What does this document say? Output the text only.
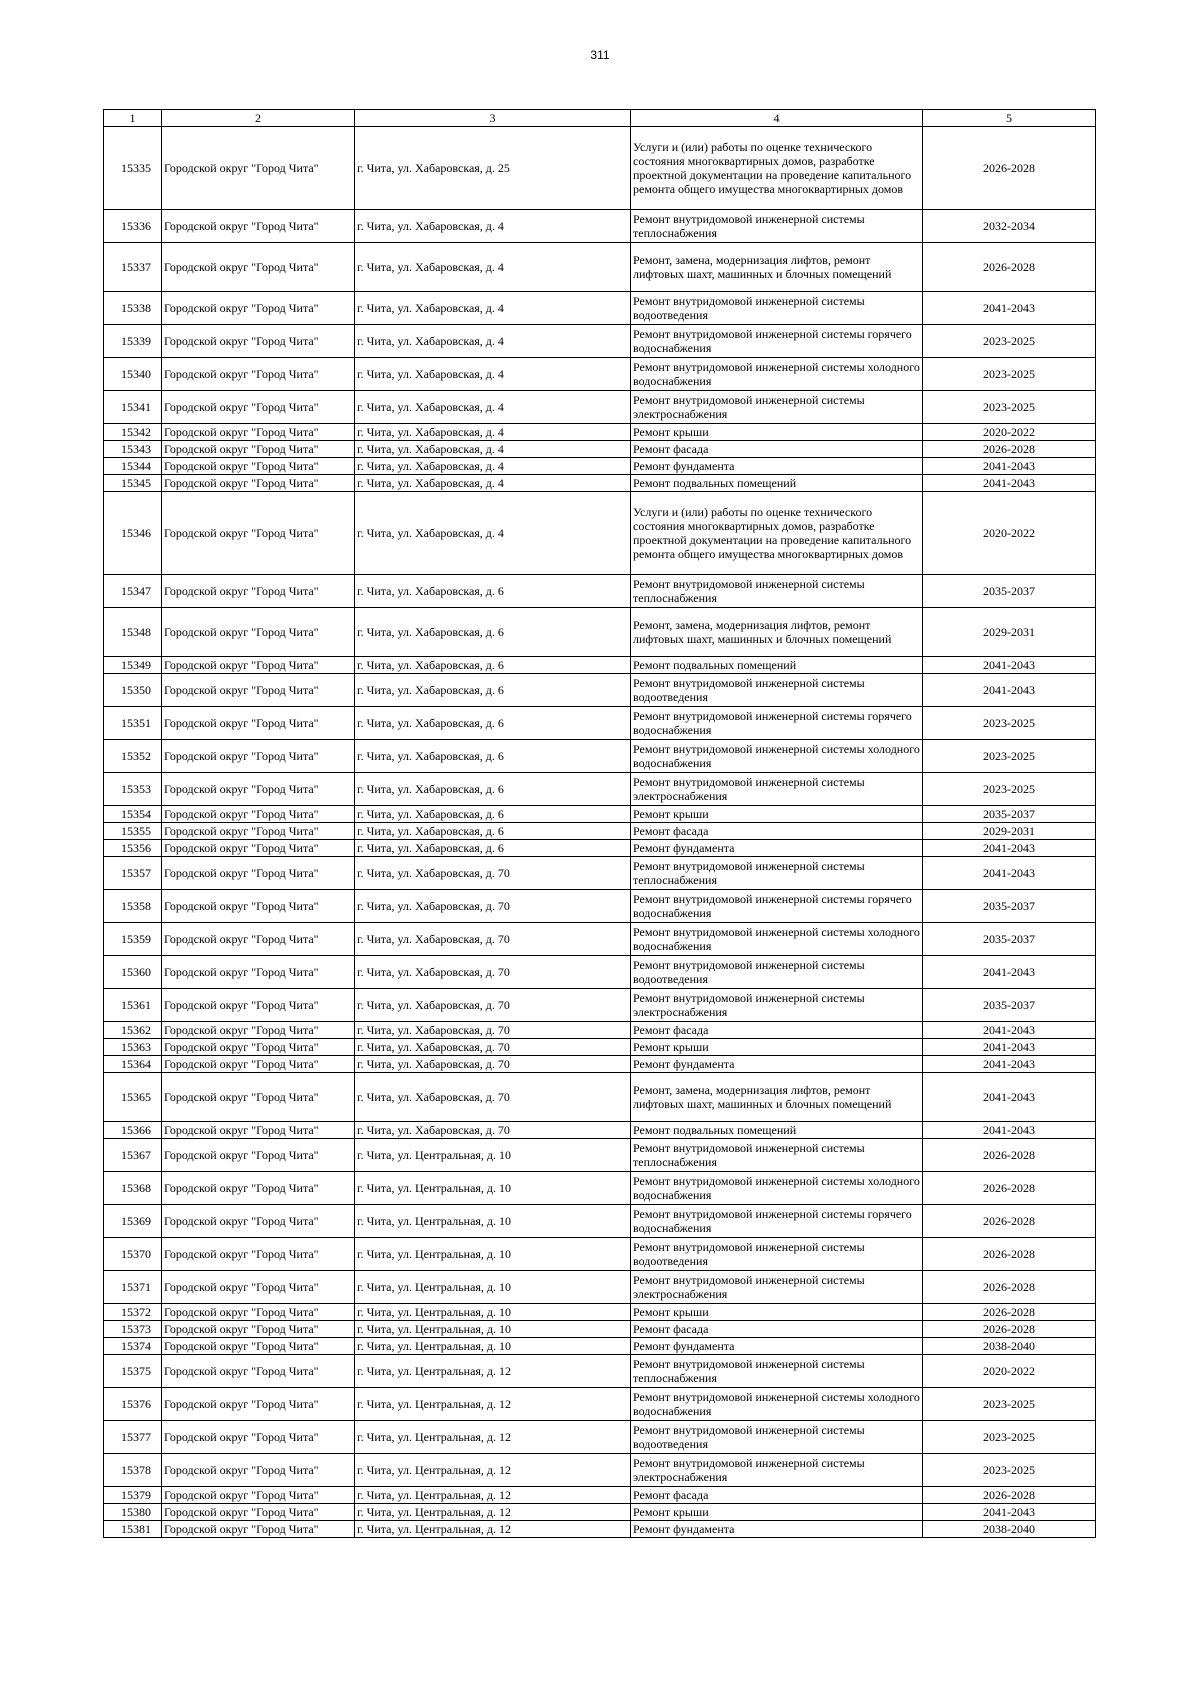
311
1	2	3	4	5
15335	Городской округ "Город Чита"	г. Чита, ул. Хабаровская, д. 25	Услуги и (или) работы по оценке технического состояния многоквартирных домов, разработке проектной документации на проведение капитального ремонта общего имущества многоквартирных домов	2026-2028
15336	Городской округ "Город Чита"	г. Чита, ул. Хабаровская, д. 4	Ремонт внутридомовой инженерной системы теплоснабжения	2032-2034
15337	Городской округ "Город Чита"	г. Чита, ул. Хабаровская, д. 4	Ремонт, замена, модернизация лифтов, ремонт лифтовых шахт, машинных и блочных помещений	2026-2028
15338	Городской округ "Город Чита"	г. Чита, ул. Хабаровская, д. 4	Ремонт внутридомовой инженерной системы водоотведения	2041-2043
15339	Городской округ "Город Чита"	г. Чита, ул. Хабаровская, д. 4	Ремонт внутридомовой инженерной системы горячего водоснабжения	2023-2025
15340	Городской округ "Город Чита"	г. Чита, ул. Хабаровская, д. 4	Ремонт внутридомовой инженерной системы холодного водоснабжения	2023-2025
15341	Городской округ "Город Чита"	г. Чита, ул. Хабаровская, д. 4	Ремонт внутридомовой инженерной системы электроснабжения	2023-2025
15342	Городской округ "Город Чита"	г. Чита, ул. Хабаровская, д. 4	Ремонт крыши	2020-2022
15343	Городской округ "Город Чита"	г. Чита, ул. Хабаровская, д. 4	Ремонт фасада	2026-2028
15344	Городской округ "Город Чита"	г. Чита, ул. Хабаровская, д. 4	Ремонт фундамента	2041-2043
15345	Городской округ "Город Чита"	г. Чита, ул. Хабаровская, д. 4	Ремонт подвальных помещений	2041-2043
15346	Городской округ "Город Чита"	г. Чита, ул. Хабаровская, д. 4	Услуги и (или) работы по оценке технического состояния многоквартирных домов, разработке проектной документации на проведение капитального ремонта общего имущества многоквартирных домов	2020-2022
15347	Городской округ "Город Чита"	г. Чита, ул. Хабаровская, д. 6	Ремонт внутридомовой инженерной системы теплоснабжения	2035-2037
15348	Городской округ "Город Чита"	г. Чита, ул. Хабаровская, д. 6	Ремонт, замена, модернизация лифтов, ремонт лифтовых шахт, машинных и блочных помещений	2029-2031
15349	Городской округ "Город Чита"	г. Чита, ул. Хабаровская, д. 6	Ремонт подвальных помещений	2041-2043
15350	Городской округ "Город Чита"	г. Чита, ул. Хабаровская, д. 6	Ремонт внутридомовой инженерной системы водоотведения	2041-2043
15351	Городской округ "Город Чита"	г. Чита, ул. Хабаровская, д. 6	Ремонт внутридомовой инженерной системы горячего водоснабжения	2023-2025
15352	Городской округ "Город Чита"	г. Чита, ул. Хабаровская, д. 6	Ремонт внутридомовой инженерной системы холодного водоснабжения	2023-2025
15353	Городской округ "Город Чита"	г. Чита, ул. Хабаровская, д. 6	Ремонт внутридомовой инженерной системы электроснабжения	2023-2025
15354	Городской округ "Город Чита"	г. Чита, ул. Хабаровская, д. 6	Ремонт крыши	2035-2037
15355	Городской округ "Город Чита"	г. Чита, ул. Хабаровская, д. 6	Ремонт фасада	2029-2031
15356	Городской округ "Город Чита"	г. Чита, ул. Хабаровская, д. 6	Ремонт фундамента	2041-2043
15357	Городской округ "Город Чита"	г. Чита, ул. Хабаровская, д. 70	Ремонт внутридомовой инженерной системы теплоснабжения	2041-2043
15358	Городской округ "Город Чита"	г. Чита, ул. Хабаровская, д. 70	Ремонт внутридомовой инженерной системы горячего водоснабжения	2035-2037
15359	Городской округ "Город Чита"	г. Чита, ул. Хабаровская, д. 70	Ремонт внутридомовой инженерной системы холодного водоснабжения	2035-2037
15360	Городской округ "Город Чита"	г. Чита, ул. Хабаровская, д. 70	Ремонт внутридомовой инженерной системы водоотведения	2041-2043
15361	Городской округ "Город Чита"	г. Чита, ул. Хабаровская, д. 70	Ремонт внутридомовой инженерной системы электроснабжения	2035-2037
15362	Городской округ "Город Чита"	г. Чита, ул. Хабаровская, д. 70	Ремонт фасада	2041-2043
15363	Городской округ "Город Чита"	г. Чита, ул. Хабаровская, д. 70	Ремонт крыши	2041-2043
15364	Городской округ "Город Чита"	г. Чита, ул. Хабаровская, д. 70	Ремонт фундамента	2041-2043
15365	Городской округ "Город Чита"	г. Чита, ул. Хабаровская, д. 70	Ремонт, замена, модернизация лифтов, ремонт лифтовых шахт, машинных и блочных помещений	2041-2043
15366	Городской округ "Город Чита"	г. Чита, ул. Хабаровская, д. 70	Ремонт подвальных помещений	2041-2043
15367	Городской округ "Город Чита"	г. Чита, ул. Центральная, д. 10	Ремонт внутридомовой инженерной системы теплоснабжения	2026-2028
15368	Городской округ "Город Чита"	г. Чита, ул. Центральная, д. 10	Ремонт внутридомовой инженерной системы холодного водоснабжения	2026-2028
15369	Городской округ "Город Чита"	г. Чита, ул. Центральная, д. 10	Ремонт внутридомовой инженерной системы горячего водоснабжения	2026-2028
15370	Городской округ "Город Чита"	г. Чита, ул. Центральная, д. 10	Ремонт внутридомовой инженерной системы водоотведения	2026-2028
15371	Городской округ "Город Чита"	г. Чита, ул. Центральная, д. 10	Ремонт внутридомовой инженерной системы электроснабжения	2026-2028
15372	Городской округ "Город Чита"	г. Чита, ул. Центральная, д. 10	Ремонт крыши	2026-2028
15373	Городской округ "Город Чита"	г. Чита, ул. Центральная, д. 10	Ремонт фасада	2026-2028
15374	Городской округ "Город Чита"	г. Чита, ул. Центральная, д. 10	Ремонт фундамента	2038-2040
15375	Городской округ "Город Чита"	г. Чита, ул. Центральная, д. 12	Ремонт внутридомовой инженерной системы теплоснабжения	2020-2022
15376	Городской округ "Город Чита"	г. Чита, ул. Центральная, д. 12	Ремонт внутридомовой инженерной системы холодного водоснабжения	2023-2025
15377	Городской округ "Город Чита"	г. Чита, ул. Центральная, д. 12	Ремонт внутридомовой инженерной системы водоотведения	2023-2025
15378	Городской округ "Город Чита"	г. Чита, ул. Центральная, д. 12	Ремонт внутридомовой инженерной системы электроснабжения	2023-2025
15379	Городской округ "Город Чита"	г. Чита, ул. Центральная, д. 12	Ремонт фасада	2026-2028
15380	Городской округ "Город Чита"	г. Чита, ул. Центральная, д. 12	Ремонт крыши	2041-2043
15381	Городской округ "Город Чита"	г. Чита, ул. Центральная, д. 12	Ремонт фундамента	2038-2040
